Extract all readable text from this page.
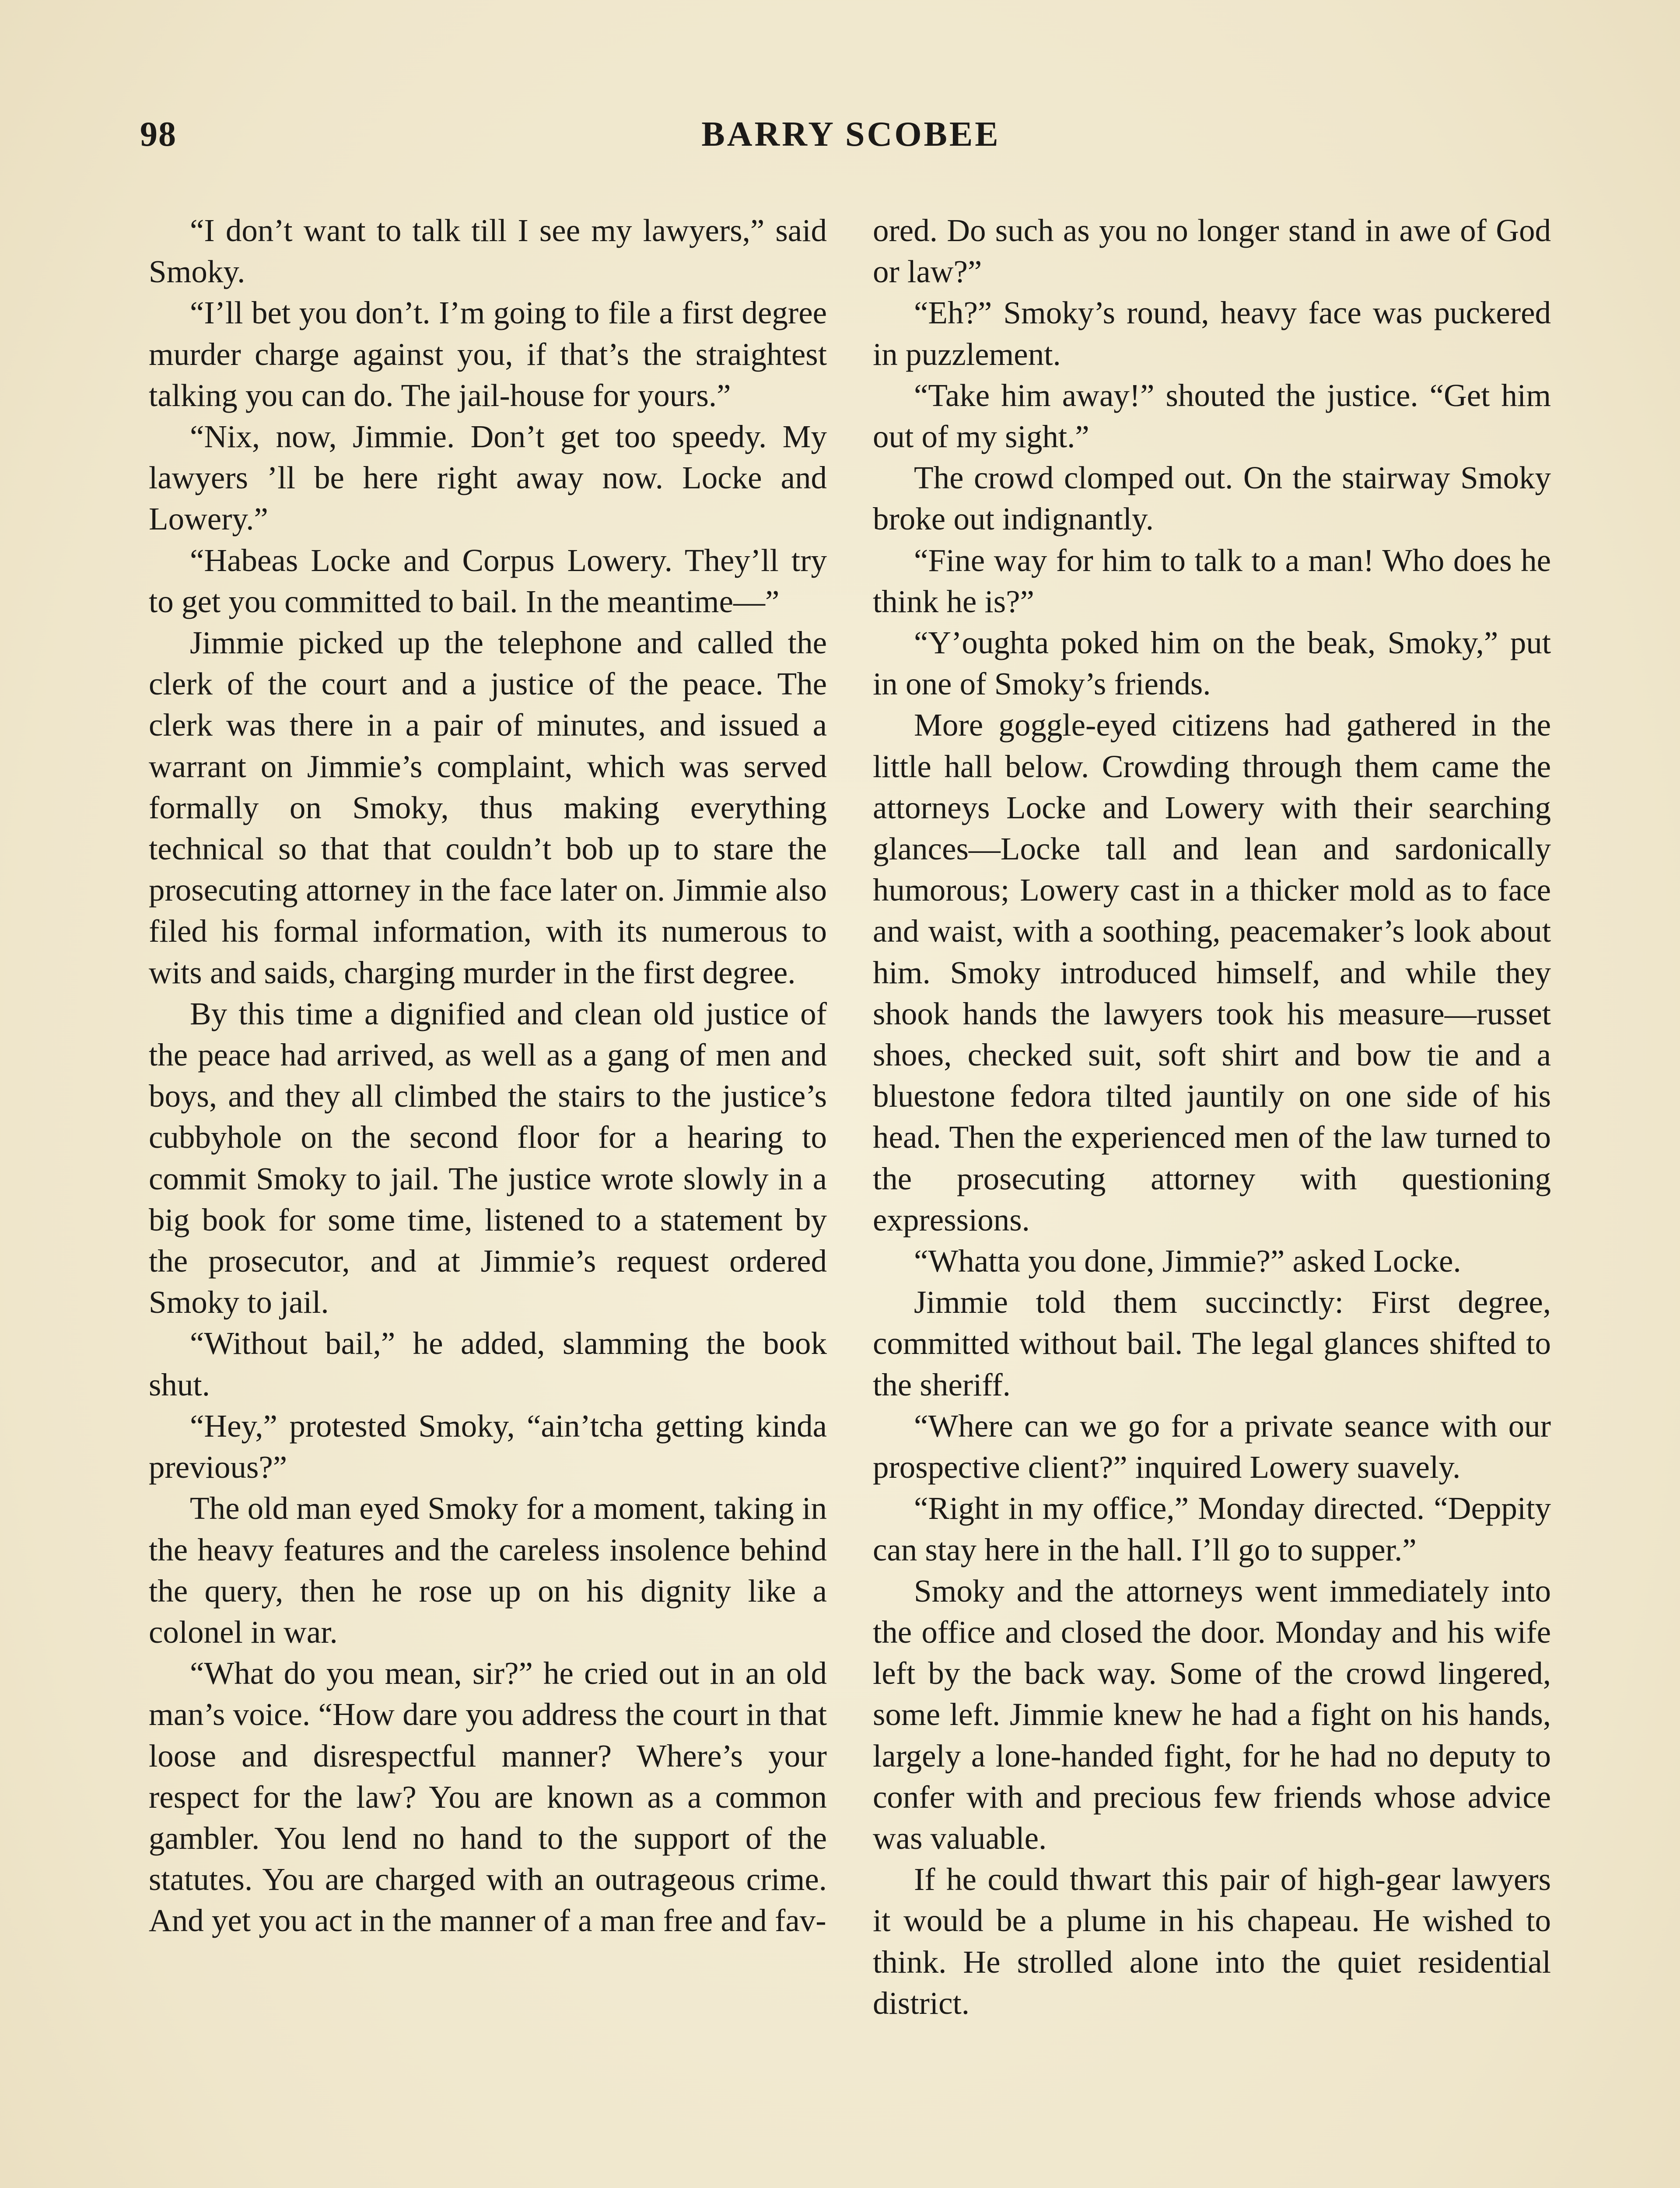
98	BARRY SCOBEE

“I don’t want to talk till I see my lawyers,” said Smoky.

“I’ll bet you don’t. I’m going to file a first degree murder charge against you, if that’s the straightest talking you can do. The jail-house for yours.”

“Nix, now, Jimmie. Don’t get too speedy. My lawyers ’ll be here right away now. Locke and Lowery.”

“Habeas Locke and Corpus Lowery. They’ll try to get you committed to bail. In the meantime—”

Jimmie picked up the telephone and called the clerk of the court and a justice of the peace. The clerk was there in a pair of minutes, and issued a warrant on Jimmie’s complaint, which was served formally on Smoky, thus making everything technical so that that couldn’t bob up to stare the prosecuting attorney in the face later on. Jimmie also filed his formal information, with its numerous to wits and saids, charging murder in the first degree.

By this time a dignified and clean old justice of the peace had arrived, as well as a gang of men and boys, and they all climbed the stairs to the justice’s cubbyhole on the second floor for a hearing to commit Smoky to jail. The justice wrote slowly in a big book for some time, listened to a statement by the prosecutor, and at Jimmie’s request ordered Smoky to jail.

“Without bail,” he added, slamming the book shut.

“Hey,” protested Smoky, “ain’tcha getting kinda previous?”

The old man eyed Smoky for a moment, taking in the heavy features and the careless insolence behind the query, then he rose up on his dignity like a colonel in war.

“What do you mean, sir?” he cried out in an old man’s voice. “How dare you address the court in that loose and disrespectful manner? Where’s your respect for the law? You are known as a common gambler. You lend no hand to the support of the statutes. You are charged with an outrageous crime. And yet you act in the manner of a man free and fav-

ored. Do such as you no longer stand in awe of God or law?”

“Eh?” Smoky’s round, heavy face was puckered in puzzlement.

“Take him away!” shouted the justice. “Get him out of my sight.”

The crowd clomped out. On the stairway Smoky broke out indignantly.

“Fine way for him to talk to a man! Who does he think he is?”

“Y’oughta poked him on the beak, Smoky,” put in one of Smoky’s friends.

More goggle-eyed citizens had gathered in the little hall below. Crowding through them came the attorneys Locke and Lowery with their searching glances—Locke tall and lean and sardonically humorous; Lowery cast in a thicker mold as to face and waist, with a soothing, peacemaker’s look about him. Smoky introduced himself, and while they shook hands the lawyers took his measure—russet shoes, checked suit, soft shirt and bow tie and a bluestone fedora tilted jauntily on one side of his head. Then the experienced men of the law turned to the prosecuting attorney with questioning expressions.

“Whatta you done, Jimmie?” asked Locke.

Jimmie told them succinctly: First degree, committed without bail. The legal glances shifted to the sheriff.

“Where can we go for a private seance with our prospective client?” inquired Lowery suavely.

“Right in my office,” Monday directed. “Deppity can stay here in the hall. I’ll go to supper.”

Smoky and the attorneys went immediately into the office and closed the door. Monday and his wife left by the back way. Some of the crowd lingered, some left. Jimmie knew he had a fight on his hands, largely a lone-handed fight, for he had no deputy to confer with and precious few friends whose advice was valuable.

If he could thwart this pair of high-gear lawyers it would be a plume in his chapeau. He wished to think. He strolled alone into the quiet residential district.
